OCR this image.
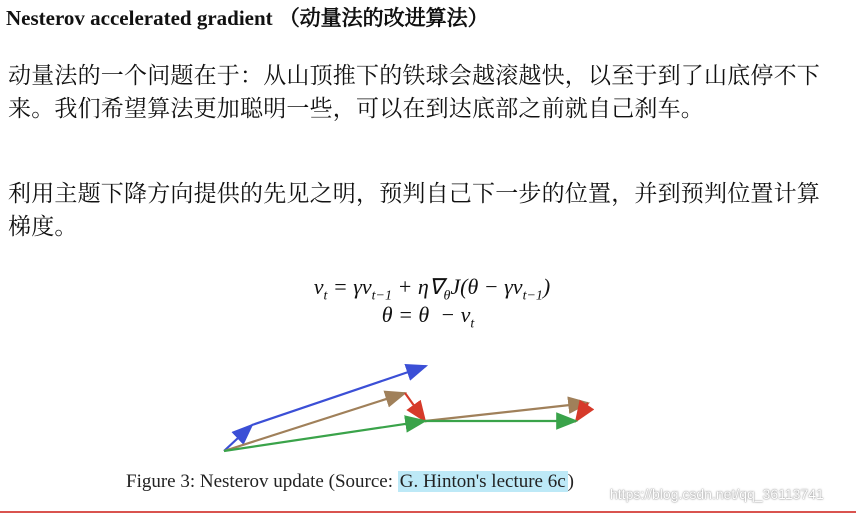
Nesterov accelerated gradient （动量法的改进算法）
动量法的一个问题在于：从山顶推下的铁球会越滚越快，以至于到了山底停不下来。我们希望算法更加聪明一些，可以在到达底部之前就自己刹车。
利用主题下降方向提供的先见之明，预判自己下一步的位置，并到预判位置计算梯度。
$v_t = \gamma v_{t-1} + \eta\nabla_\theta J(\theta - \gamma v_{t-1})$
$\theta = \theta - v_t$
Figure 3: Nesterov update (Source: G. Hinton's lecture 6c )
https://blog.csdn.net/qq_36113741
